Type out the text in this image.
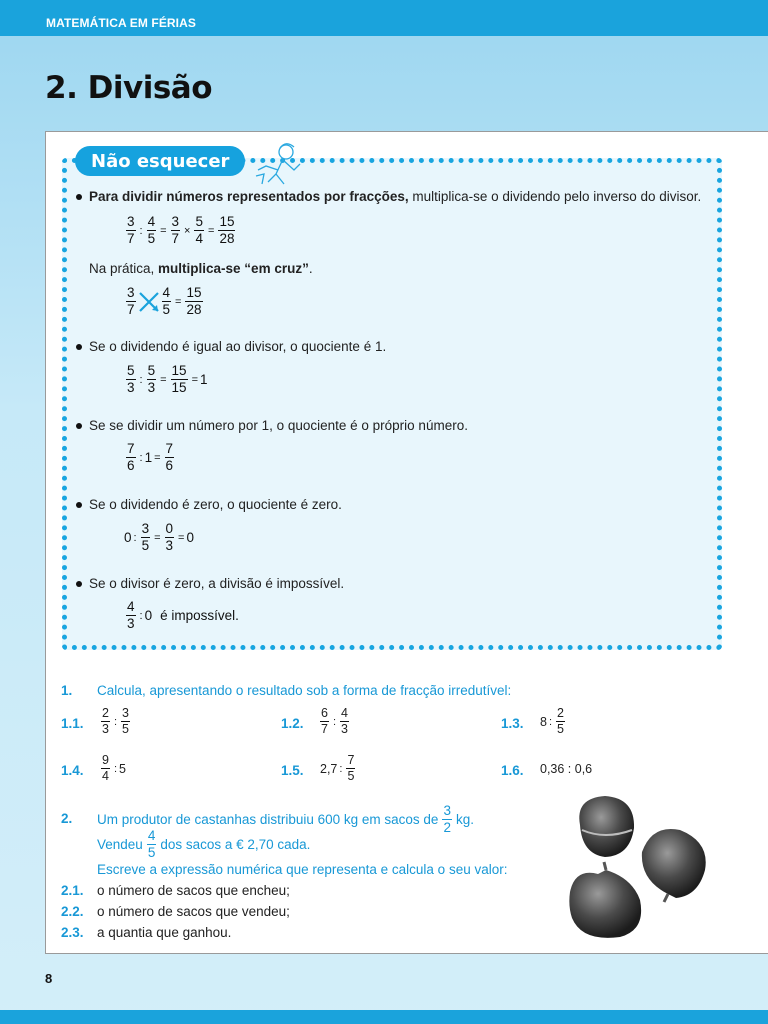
MATEMÁTICA EM FÉRIAS
2. Divisão
Não esquecer
Para dividir números representados por fracções, multiplica-se o dividendo pelo inverso do divisor.
$\frac{3}{7}$ : $\frac{4}{5} = \frac{3}{7} \times \frac{5}{4} = \frac{15}{28}$
Na prática, multiplica-se “em cruz”.
$\frac{3}{7} \frac{4}{5} = \frac{15}{28}$
Se o dividendo é igual ao divisor, o quociente é 1.
$\frac{5}{3}$ : $\frac{5}{3} = \frac{15}{15} = 1$
Se se dividir um número por 1, o quociente é o próprio número.
$\frac{7}{6}$ : $1 = \frac{7}{6}$
Se o dividendo é zero, o quociente é zero.
0 : $\frac{3}{5} = \frac{0}{3} = 0$
Se o divisor é zero, a divisão é impossível.
$\frac{4}{3}$ : 0 é impossível.
1. Calcula, apresentando o resultado sob a forma de fracção irredutível:
1.1. $\frac{2}{3}$ : $\frac{3}{5}$	1.2. $\frac{6}{7}$ : $\frac{4}{3}$	1.3. 8 : $\frac{2}{5}$
1.4. $\frac{9}{4}$ : 5	1.5. 2,7 : $\frac{7}{5}$	1.6. 0,36 : 0,6
2. Um produtor de castanhas distribuiu 600 kg em sacos de $\frac{3}{2}$ kg.
Vendeu $\frac{4}{5}$ dos sacos a € 2,70 cada.
Escreve a expressão numérica que representa e calcula o seu valor:
2.1. o número de sacos que encheu;
2.2. o número de sacos que vendeu;
2.3. a quantia que ganhou.
8
